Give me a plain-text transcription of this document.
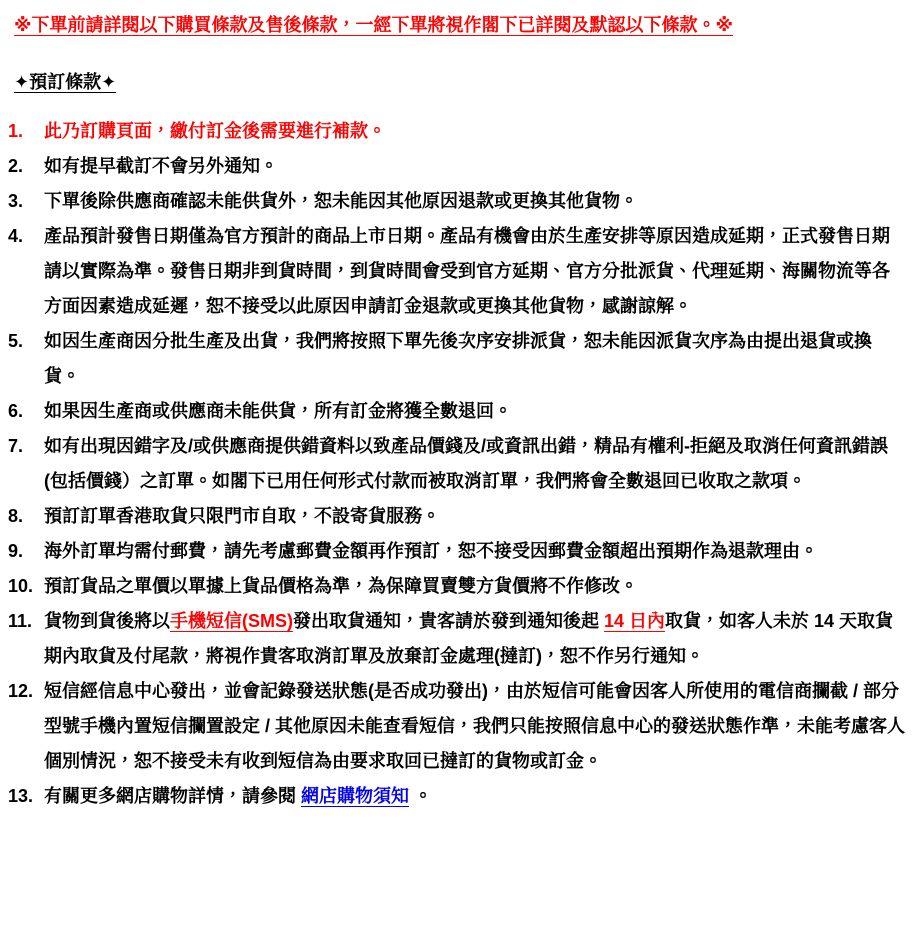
※下單前請詳閱以下購買條款及售後條款，一經下單將視作閣下已詳閱及默認以下條款。※

✦預訂條款✦

1.	此乃訂購頁面，繳付訂金後需要進行補款。
2.	如有提早截訂不會另外通知。
3.	下單後除供應商確認未能供貨外，恕未能因其他原因退款或更換其他貨物。
4.	產品預計發售日期僅為官方預計的商品上市日期。產品有機會由於生產安排等原因造成延期，正式發售日期請以實際為準。發售日期非到貨時間，到貨時間會受到官方延期、官方分批派貨、代理延期、海關物流等各方面因素造成延遲，恕不接受以此原因申請訂金退款或更換其他貨物，感謝諒解。
5.	如因生產商因分批生產及出貨，我們將按照下單先後次序安排派貨，恕未能因派貨次序為由提出退貨或換貨。
6.	如果因生產商或供應商未能供貨，所有訂金將獲全數退回。
7.	如有出現因錯字及/或供應商提供錯資料以致產品價錢及/或資訊出錯，精品有權利-拒絕及取消任何資訊錯誤(包括價錢）之訂單。如閣下已用任何形式付款而被取消訂單，我們將會全數退回已收取之款項。
8.	預訂訂單香港取貨只限門市自取，不設寄貨服務。
9.	海外訂單均需付郵費，請先考慮郵費金額再作預訂，恕不接受因郵費金額超出預期作為退款理由。
10. 預訂貨品之單價以單據上貨品價格為準，為保障買賣雙方貨價將不作修改。
11. 貨物到貨後將以手機短信(SMS)發出取貨通知，貴客請於發到通知後起 14 日內取貨，如客人未於 14 天取貨期內取貨及付尾款，將視作貴客取消訂單及放棄訂金處理(撻訂)，恕不作另行通知。
12. 短信經信息中心發出，並會記錄發送狀態(是否成功發出)，由於短信可能會因客人所使用的電信商攔截 / 部分型號手機內置短信攔置設定 / 其他原因未能查看短信，我們只能按照信息中心的發送狀態作準，未能考慮客人個別情況，恕不接受未有收到短信為由要求取回已撻訂的貨物或訂金。
13. 有關更多網店購物詳情，請參閱 網店購物須知 。
